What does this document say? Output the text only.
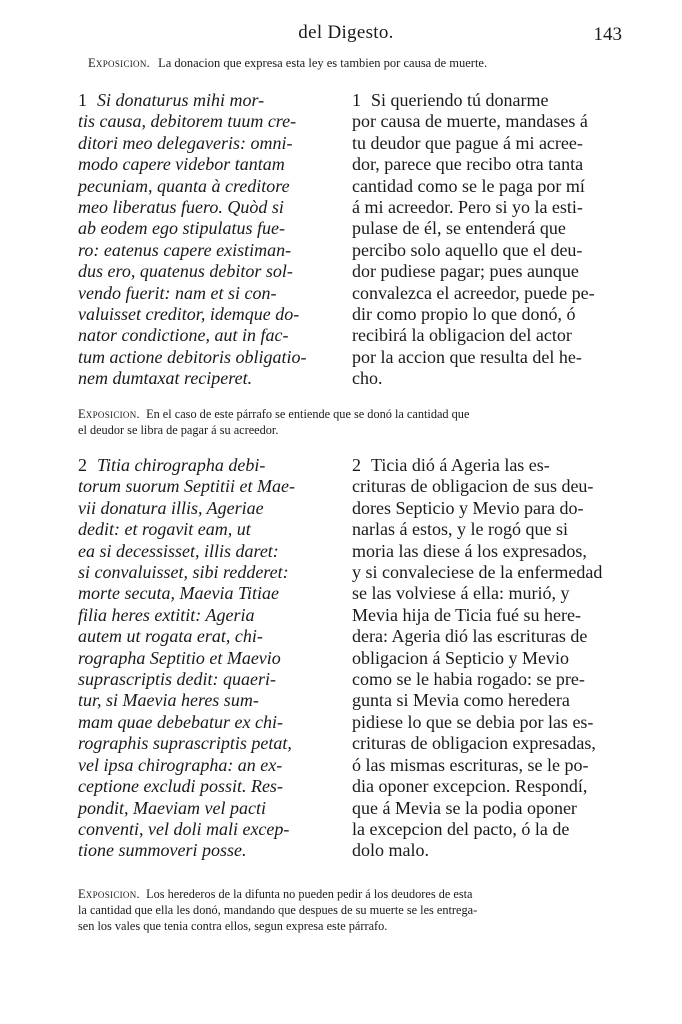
del Digesto.	143
Exposicion. La donacion que expresa esta ley es tambien por causa de muerte.
1 Si donaturus mihi mor-
tis causa, debitorem tuum cre-
ditori meo delegaveris: omni-
modo capere videbor tantam
pecuniam, quanta à creditore
meo liberatus fuero. Quòd si
ab eodem ego stipulatus fue-
ro: eatenus capere existiman-
dus ero, quatenus debitor sol-
vendo fuerit: nam et si con-
valuisset creditor, idemque do-
nator condictione, aut in fac-
tum actione debitoris obligatio-
nem dumtaxat reciperet.
1 Si queriendo tú donarme
por causa de muerte, mandases á
tu deudor que pague á mi acree-
dor, parece que recibo otra tanta
cantidad como se le paga por mí
á mi acreedor. Pero si yo la esti-
pulase de él, se entenderá que
percibo solo aquello que el deu-
dor pudiese pagar; pues aunque
convalezca el acreedor, puede pe-
dir como propio lo que donó, ó
recibirá la obligacion del actor
por la accion que resulta del he-
cho.
Exposicion. En el caso de este párrafo se entiende que se donó la cantidad que
el deudor se libra de pagar á su acreedor.
2 Titia chirographa debi-
torum suorum Septitii et Mae-
vii donatura illis, Ageriae
dedit: et rogavit eam, ut
ea si decessisset, illis daret:
si convaluisset, sibi redderet:
morte secuta, Maevia Titiae
filia heres extitit: Ageria
autem ut rogata erat, chi-
rographa Septitio et Maevio
suprascriptis dedit: quaeri-
tur, si Maevia heres sum-
mam quae debebatur ex chi-
rographis suprascriptis petat,
vel ipsa chirographa: an ex-
ceptione excludi possit. Res-
pondit, Maeviam vel pacti
conventi, vel doli mali excep-
tione summoveri posse.
2 Ticia dió á Ageria las es-
crituras de obligacion de sus deu-
dores Septicio y Mevio para do-
narlas á estos, y le rogó que si
moria las diese á los expresados,
y si convaleciese de la enfermedad
se las volviese á ella: murió, y
Mevia hija de Ticia fué su here-
dera: Ageria dió las escrituras de
obligacion á Septicio y Mevio
como se le habia rogado: se pre-
gunta si Mevia como heredera
pidiese lo que se debia por las es-
crituras de obligacion expresadas,
ó las mismas escrituras, se le po-
dia oponer excepcion. Respondí,
que á Mevia se la podia oponer
la excepcion del pacto, ó la de
dolo malo.
Exposicion. Los herederos de la difunta no pueden pedir á los deudores de esta
la cantidad que ella les donó, mandando que despues de su muerte se les entrega-
sen los vales que tenia contra ellos, segun expresa este párrafo.
